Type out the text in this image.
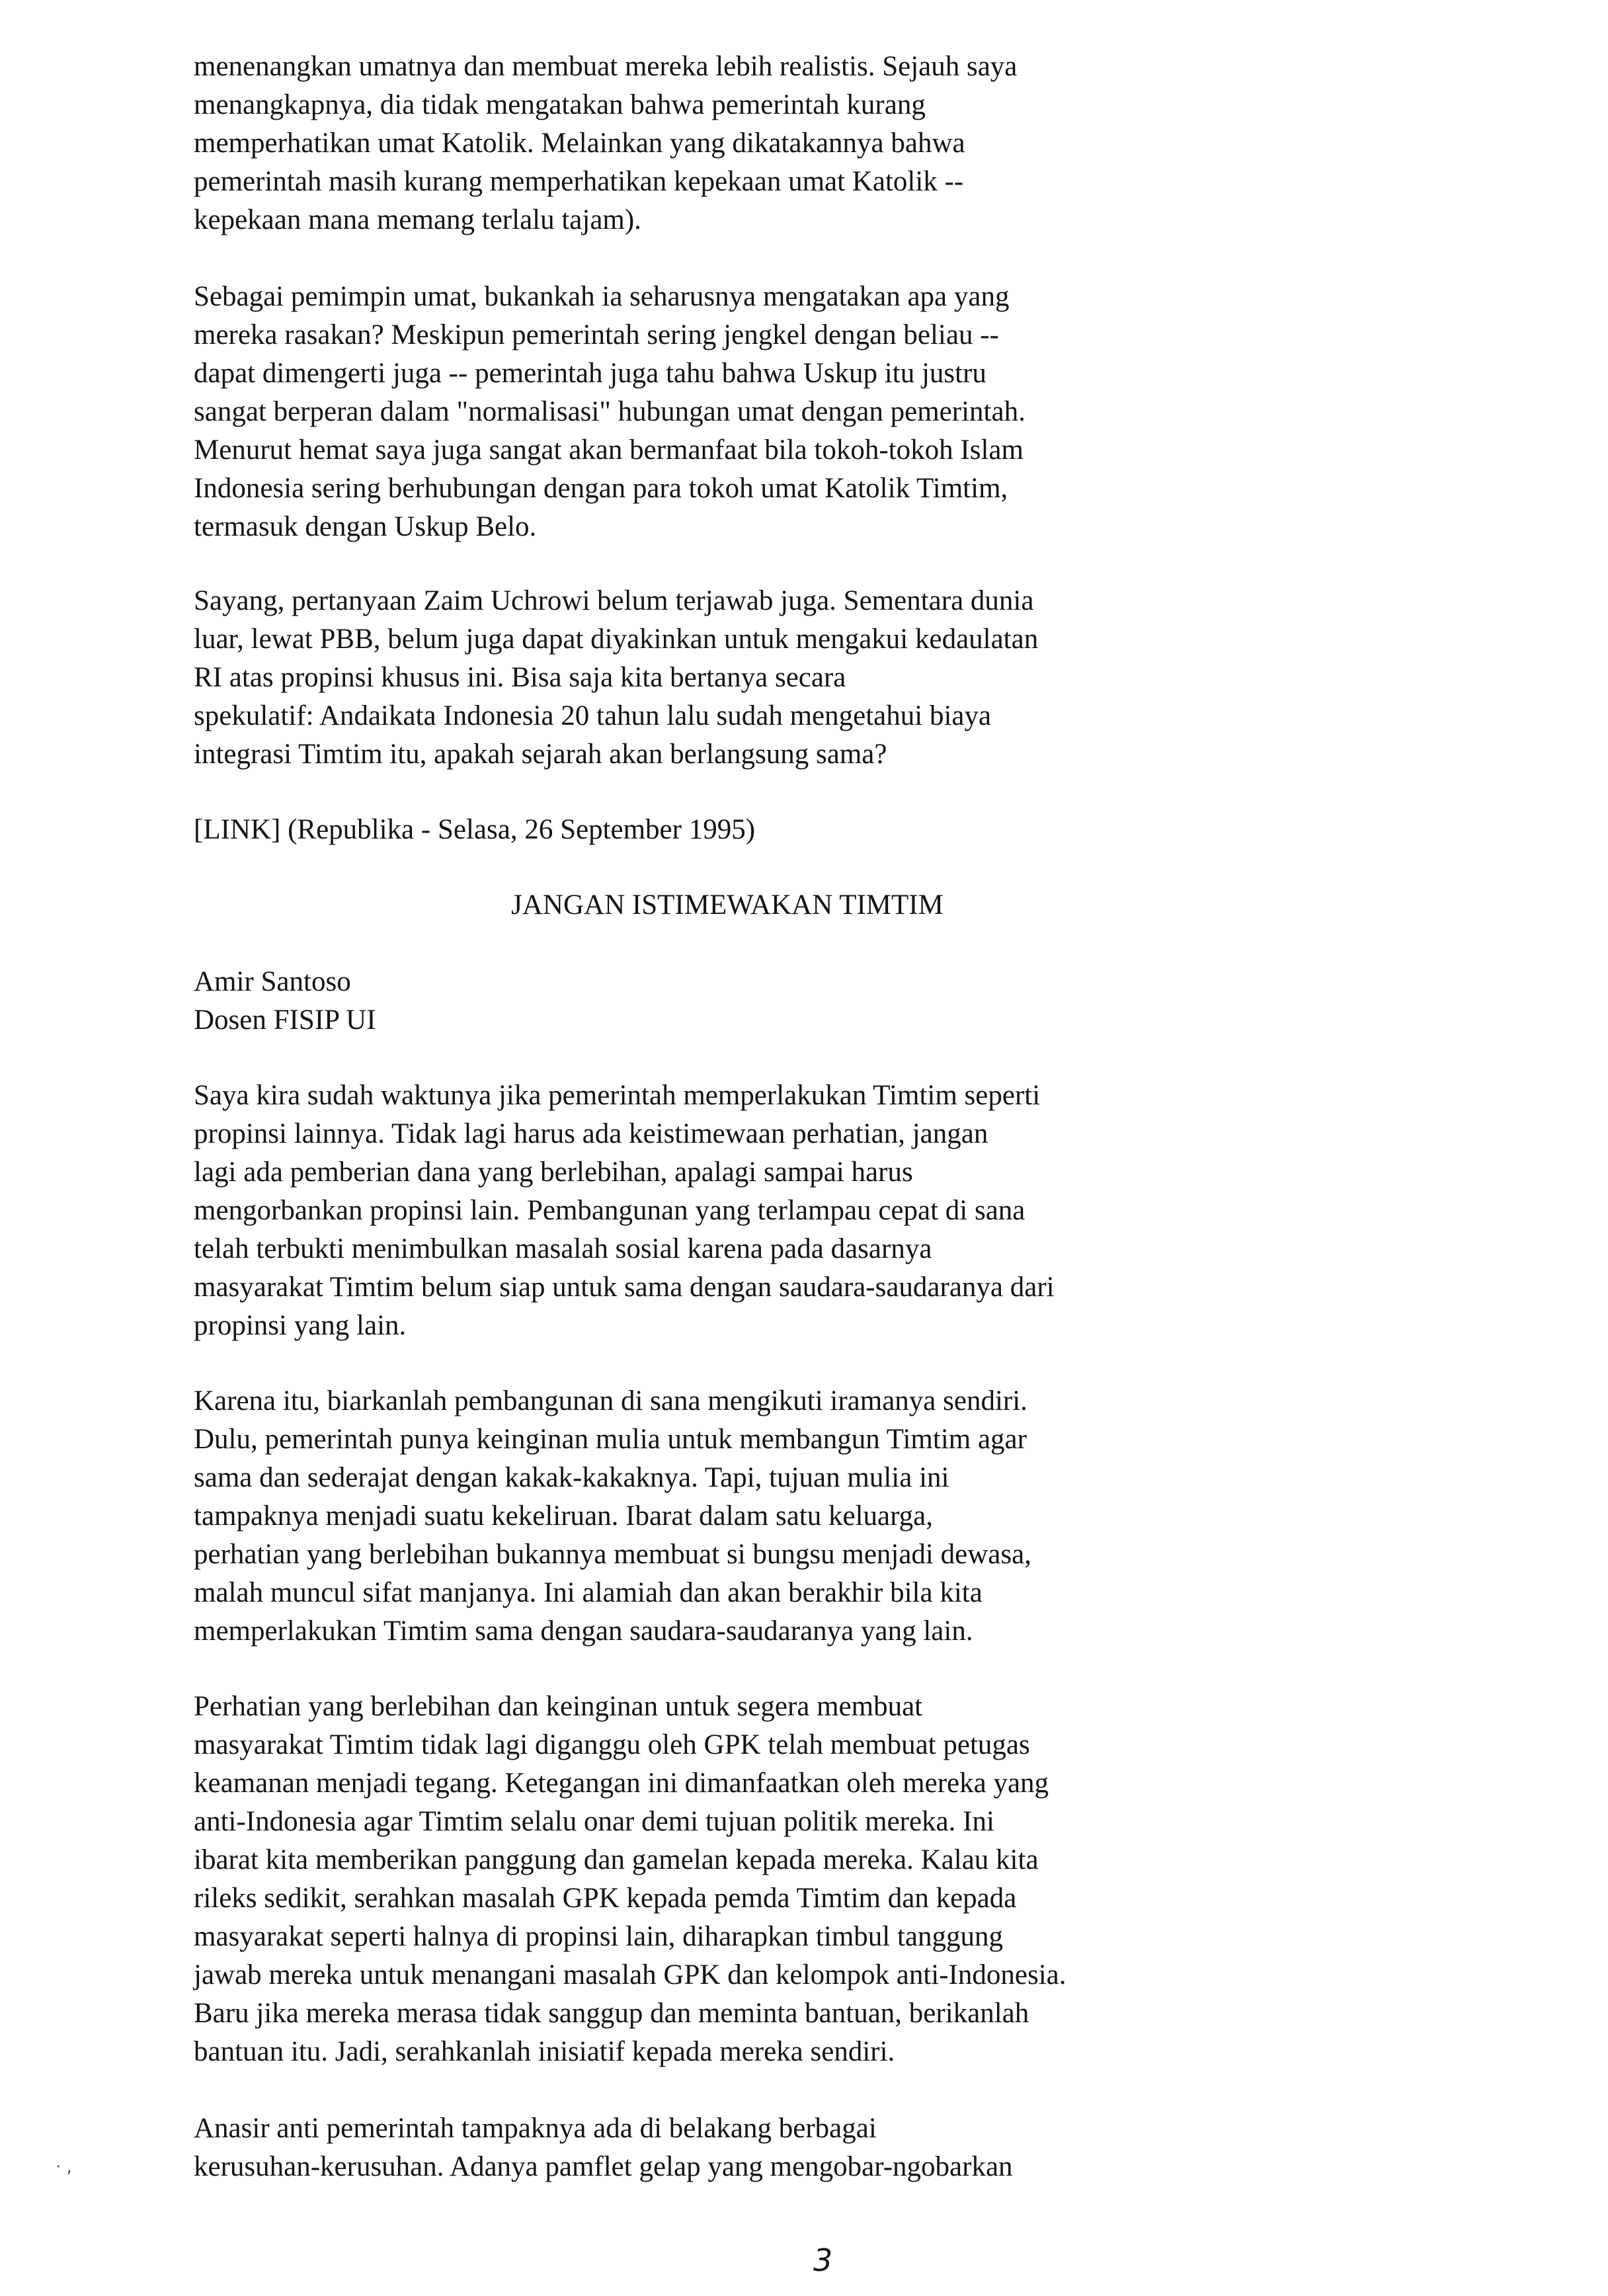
menenangkan umatnya dan membuat mereka lebih realistis. Sejauh saya
menangkapnya, dia tidak mengatakan bahwa pemerintah kurang
memperhatikan umat Katolik. Melainkan yang dikatakannya bahwa
pemerintah masih kurang memperhatikan kepekaan umat Katolik --
kepekaan mana memang terlalu tajam).

Sebagai pemimpin umat, bukankah ia seharusnya mengatakan apa yang
mereka rasakan? Meskipun pemerintah sering jengkel dengan beliau --
dapat dimengerti juga -- pemerintah juga tahu bahwa Uskup itu justru
sangat berperan dalam "normalisasi" hubungan umat dengan pemerintah.
Menurut hemat saya juga sangat akan bermanfaat bila tokoh-tokoh Islam
Indonesia sering berhubungan dengan para tokoh umat Katolik Timtim,
termasuk dengan Uskup Belo.

Sayang, pertanyaan Zaim Uchrowi belum terjawab juga. Sementara dunia
luar, lewat PBB, belum juga dapat diyakinkan untuk mengakui kedaulatan
RI atas propinsi khusus ini. Bisa saja kita bertanya secara
spekulatif: Andaikata Indonesia 20 tahun lalu sudah mengetahui biaya
integrasi Timtim itu, apakah sejarah akan berlangsung sama?

[LINK] (Republika - Selasa, 26 September 1995)

JANGAN ISTIMEWAKAN TIMTIM

Amir Santoso
Dosen FISIP UI

Saya kira sudah waktunya jika pemerintah memperlakukan Timtim seperti
propinsi lainnya. Tidak lagi harus ada keistimewaan perhatian, jangan
lagi ada pemberian dana yang berlebihan, apalagi sampai harus
mengorbankan propinsi lain. Pembangunan yang terlampau cepat di sana
telah terbukti menimbulkan masalah sosial karena pada dasarnya
masyarakat Timtim belum siap untuk sama dengan saudara-saudaranya dari
propinsi yang lain.

Karena itu, biarkanlah pembangunan di sana mengikuti iramanya sendiri.
Dulu, pemerintah punya keinginan mulia untuk membangun Timtim agar
sama dan sederajat dengan kakak-kakaknya. Tapi, tujuan mulia ini
tampaknya menjadi suatu kekeliruan. Ibarat dalam satu keluarga,
perhatian yang berlebihan bukannya membuat si bungsu menjadi dewasa,
malah muncul sifat manjanya. Ini alamiah dan akan berakhir bila kita
memperlakukan Timtim sama dengan saudara-saudaranya yang lain.

Perhatian yang berlebihan dan keinginan untuk segera membuat
masyarakat Timtim tidak lagi diganggu oleh GPK telah membuat petugas
keamanan menjadi tegang. Ketegangan ini dimanfaatkan oleh mereka yang
anti-Indonesia agar Timtim selalu onar demi tujuan politik mereka. Ini
ibarat kita memberikan panggung dan gamelan kepada mereka. Kalau kita
rileks sedikit, serahkan masalah GPK kepada pemda Timtim dan kepada
masyarakat seperti halnya di propinsi lain, diharapkan timbul tanggung
jawab mereka untuk menangani masalah GPK dan kelompok anti-Indonesia.
Baru jika mereka merasa tidak sanggup dan meminta bantuan, berikanlah
bantuan itu. Jadi, serahkanlah inisiatif kepada mereka sendiri.

Anasir anti pemerintah tampaknya ada di belakang berbagai
kerusuhan-kerusuhan. Adanya pamflet gelap yang mengobar-ngobarkan

· ,

3
